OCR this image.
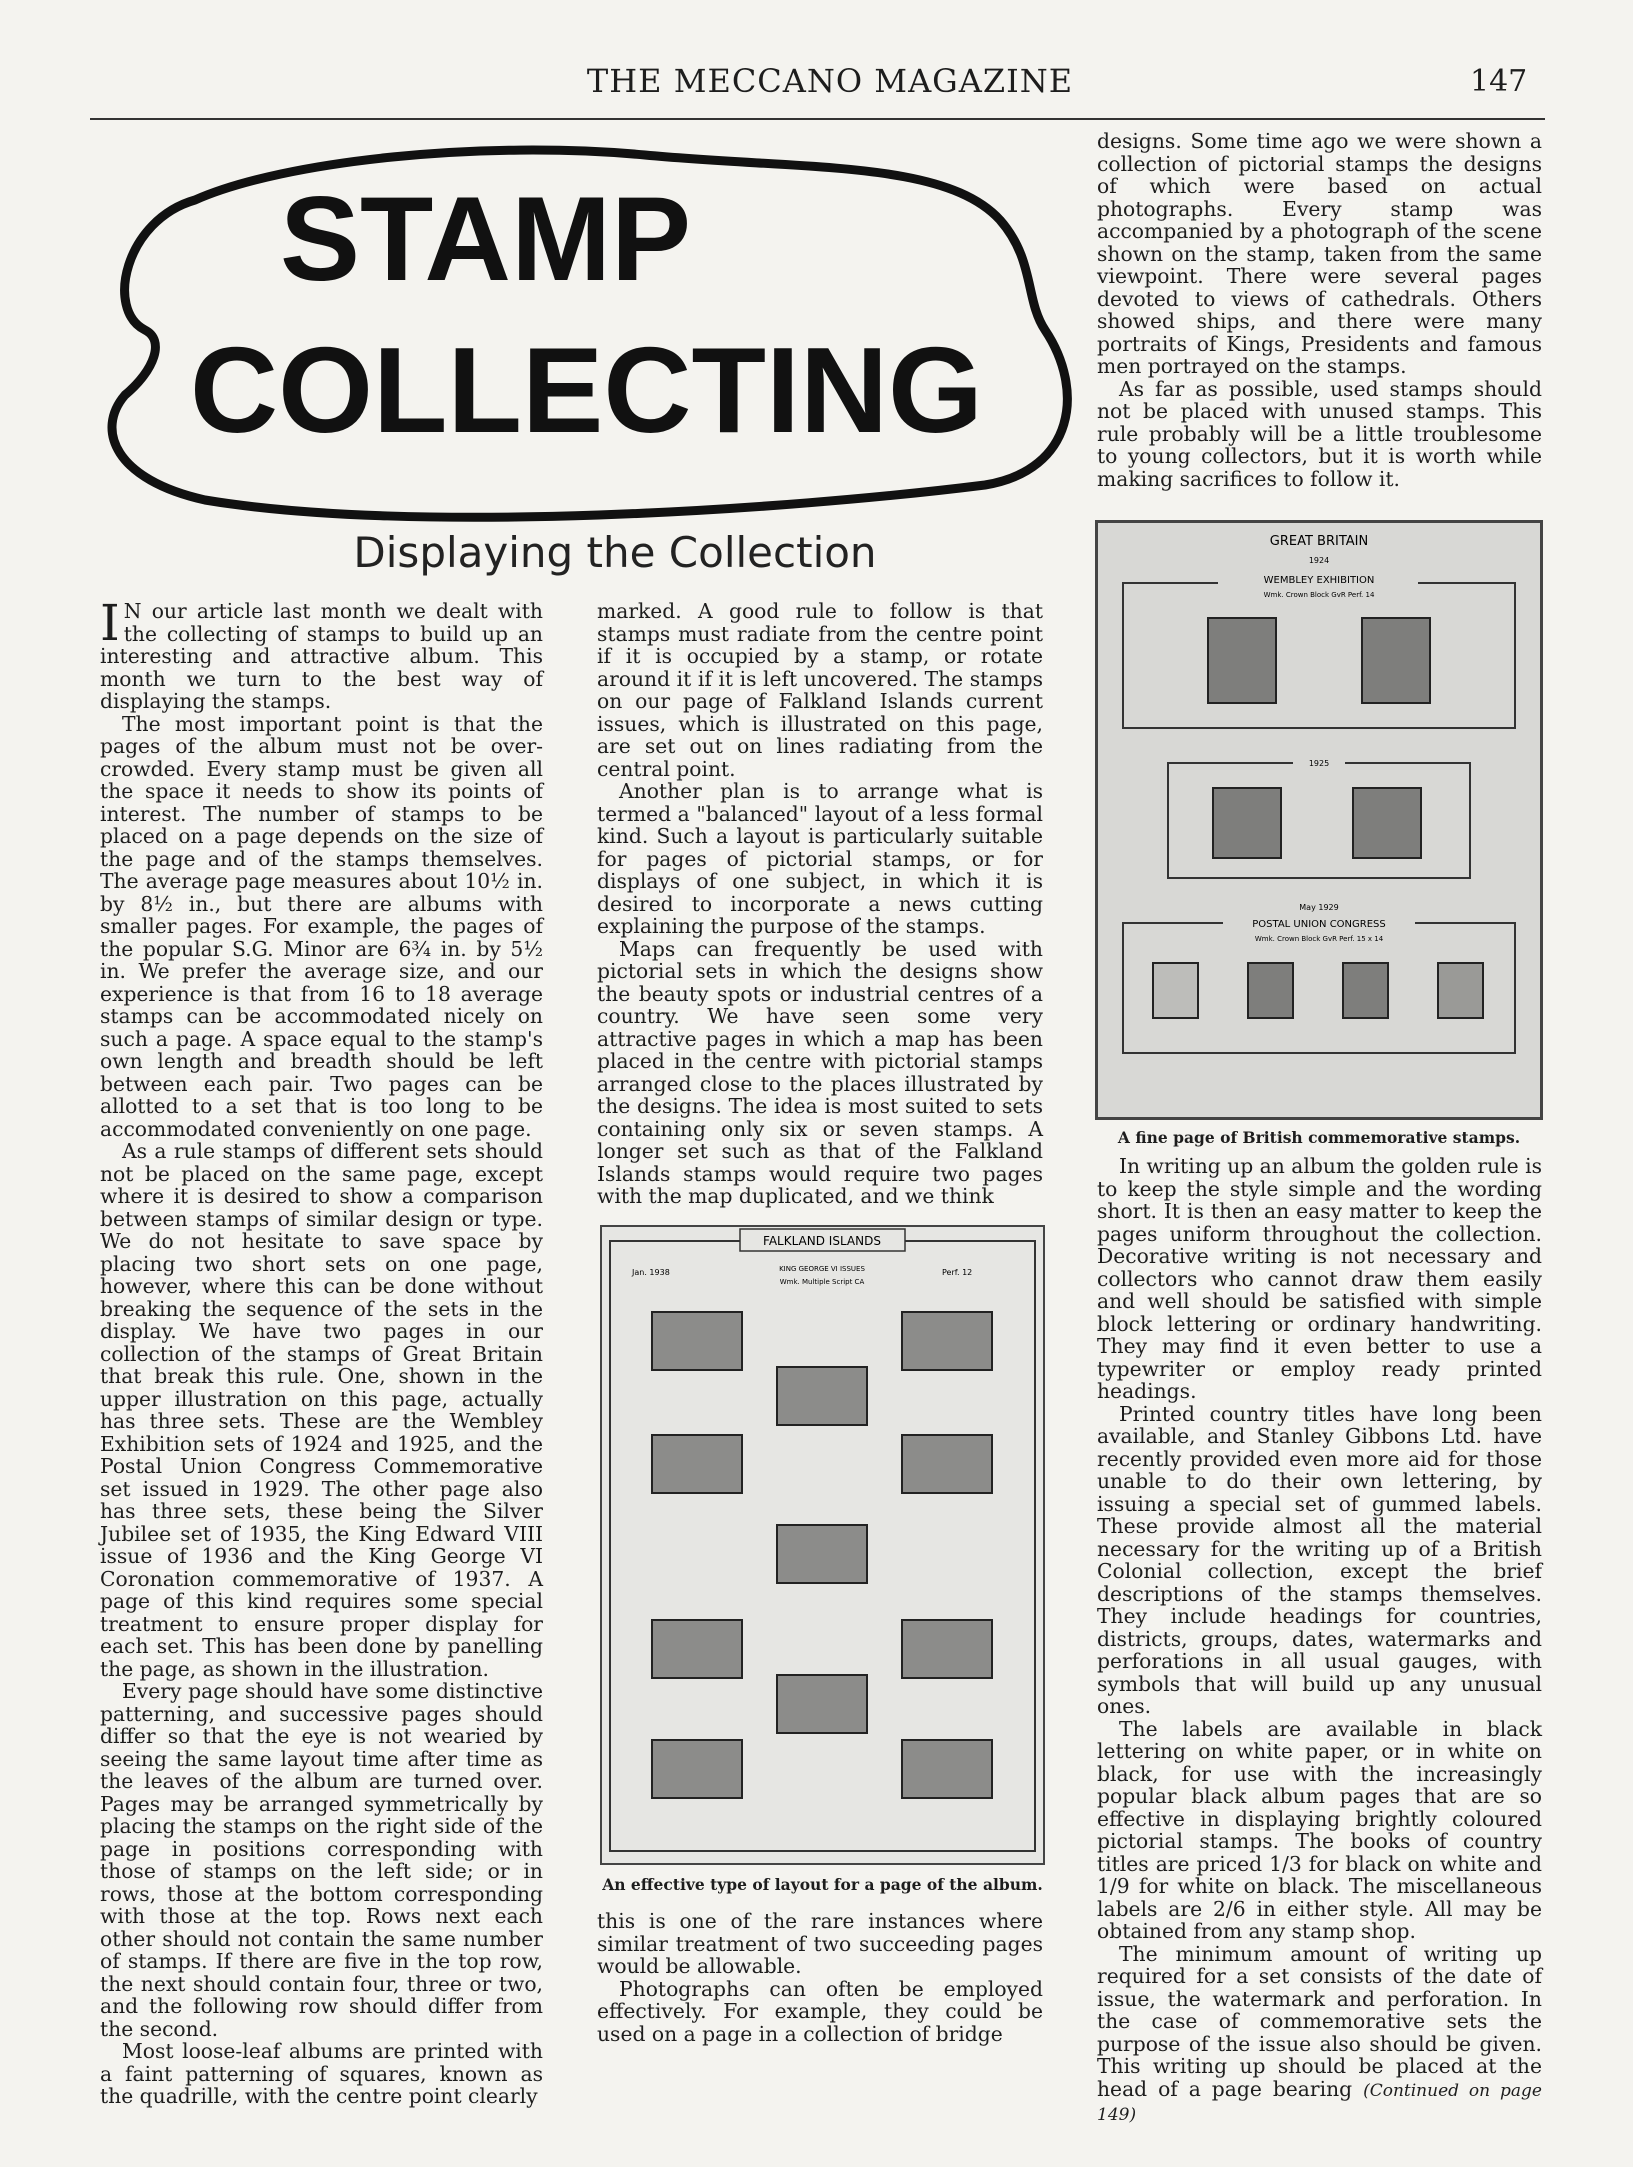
THE MECCANO MAGAZINE	147
STAMP
COLLECTING
Displaying the Collection

I N our article last month we dealt with the collecting of stamps to build up an interesting and attractive album. This month we turn to the best way of displaying the stamps.

The most important point is that the pages of the album must not be over-crowded. Every stamp must be given all the space it needs to show its points of interest. The number of stamps to be placed on a page depends on the size of the page and of the stamps themselves. The average page measures about 10½ in. by 8½ in., but there are albums with smaller pages. For example, the pages of the popular S.G. Minor are 6¾ in. by 5½ in. We prefer the average size, and our experience is that from 16 to 18 average stamps can be accommodated nicely on such a page. A space equal to the stamp's own length and breadth should be left between each pair. Two pages can be allotted to a set that is too long to be accommodated conveniently on one page.

As a rule stamps of different sets should not be placed on the same page, except where it is desired to show a comparison between stamps of similar design or type. We do not hesitate to save space by placing two short sets on one page, however, where this can be done without breaking the sequence of the sets in the display. We have two pages in our collection of the stamps of Great Britain that break this rule. One, shown in the upper illustration on this page, actually has three sets. These are the Wembley Exhibition sets of 1924 and 1925, and the Postal Union Congress Commemorative set issued in 1929. The other page also has three sets, these being the Silver Jubilee set of 1935, the King Edward VIII issue of 1936 and the King George VI Coronation commemorative of 1937. A page of this kind requires some special treatment to ensure proper display for each set. This has been done by panelling the page, as shown in the illustration.

Every page should have some distinctive patterning, and successive pages should differ so that the eye is not wearied by seeing the same layout time after time as the leaves of the album are turned over. Pages may be arranged symmetrically by placing the stamps on the right side of the page in positions corresponding with those of stamps on the left side; or in rows, those at the bottom corresponding with those at the top. Rows next each other should not contain the same number of stamps. If there are five in the top row, the next should contain four, three or two, and the following row should differ from the second.

Most loose-leaf albums are printed with a faint patterning of squares, known as the quadrille, with the centre point clearly

marked. A good rule to follow is that stamps must radiate from the centre point if it is occupied by a stamp, or rotate around it if it is left uncovered. The stamps on our page of Falkland Islands current issues, which is illustrated on this page, are set out on lines radiating from the central point.

Another plan is to arrange what is termed a "balanced" layout of a less formal kind. Such a layout is particularly suitable for pages of pictorial stamps, or for displays of one subject, in which it is desired to incorporate a news cutting explaining the purpose of the stamps.

Maps can frequently be used with pictorial sets in which the designs show the beauty spots or industrial centres of a country. We have seen some very attractive pages in which a map has been placed in the centre with pictorial stamps arranged close to the places illustrated by the designs. The idea is most suited to sets containing only six or seven stamps. A longer set such as that of the Falkland Islands stamps would require two pages with the map duplicated, and we think

FALKLAND ISLANDS
Jan. 1938	KING GEORGE VI ISSUES	Perf. 12
Wmk. Multiple Script CA
An effective type of layout for a page of the album.

this is one of the rare instances where similar treatment of two succeeding pages would be allowable.

Photographs can often be employed effectively. For example, they could be used on a page in a collection of bridge

designs. Some time ago we were shown a collection of pictorial stamps the designs of which were based on actual photographs. Every stamp was accompanied by a photograph of the scene shown on the stamp, taken from the same viewpoint. There were several pages devoted to views of cathedrals. Others showed ships, and there were many portraits of Kings, Presidents and famous men portrayed on the stamps.

As far as possible, used stamps should not be placed with unused stamps. This rule probably will be a little troublesome to young collectors, but it is worth while making sacrifices to follow it.

GREAT BRITAIN
1924
WEMBLEY EXHIBITION
Wmk. Crown Block GvR Perf. 14
1925
May 1929
POSTAL UNION CONGRESS
Wmk. Crown Block GvR Perf. 15 x 14
A fine page of British commemorative stamps.

In writing up an album the golden rule is to keep the style simple and the wording short. It is then an easy matter to keep the pages uniform throughout the collection. Decorative writing is not necessary and collectors who cannot draw them easily and well should be satisfied with simple block lettering or ordinary handwriting. They may find it even better to use a typewriter or employ ready printed headings.

Printed country titles have long been available, and Stanley Gibbons Ltd. have recently provided even more aid for those unable to do their own lettering, by issuing a special set of gummed labels. These provide almost all the material necessary for the writing up of a British Colonial collection, except the brief descriptions of the stamps themselves. They include headings for countries, districts, groups, dates, watermarks and perforations in all usual gauges, with symbols that will build up any unusual ones.

The labels are available in black lettering on white paper, or in white on black, for use with the increasingly popular black album pages that are so effective in displaying brightly coloured pictorial stamps. The books of country titles are priced 1/3 for black on white and 1/9 for white on black. The miscellaneous labels are 2/6 in either style. All may be obtained from any stamp shop.

The minimum amount of writing up required for a set consists of the date of issue, the watermark and perforation. In the case of commemorative sets the purpose of the issue also should be given. This writing up should be placed at the head of a page bearing (Continued on page 149)
